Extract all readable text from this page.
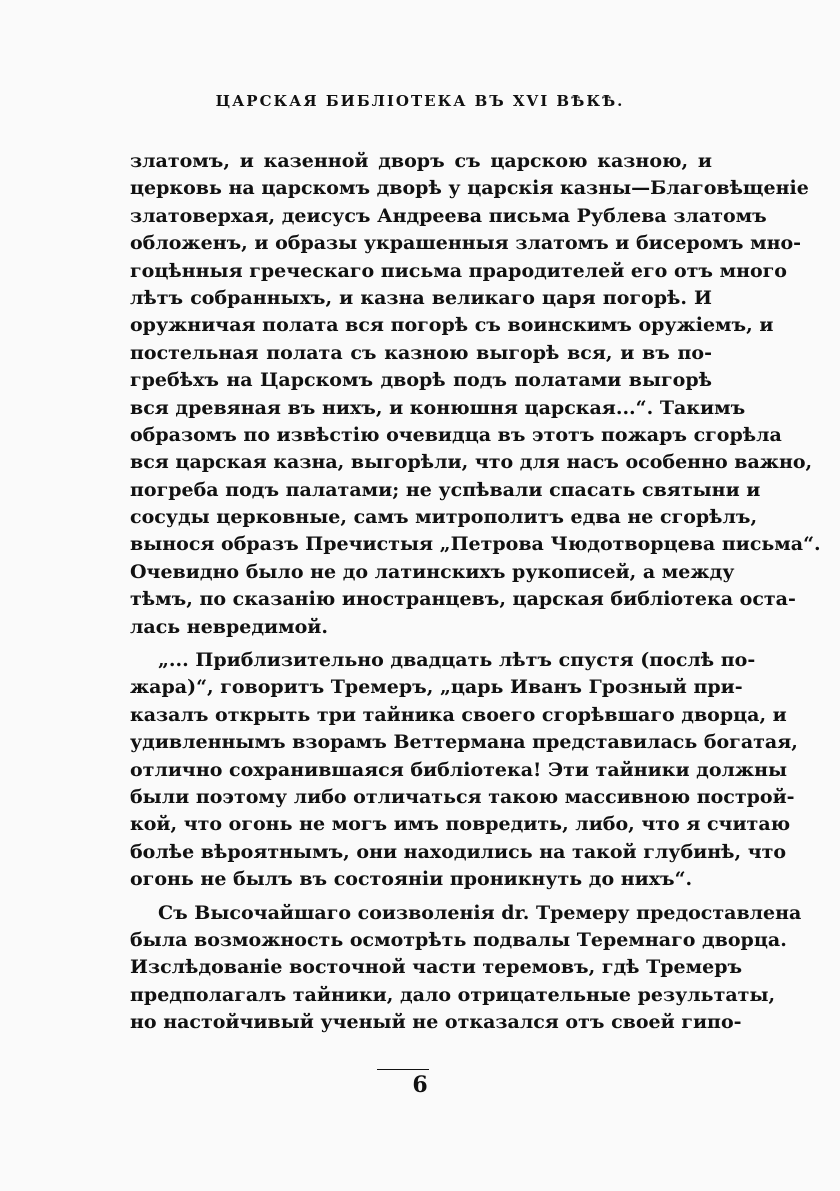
ЦАРСКАЯ БИБЛІОТЕКА ВЪ XVI ВѢКѢ.
златомъ, и казенной дворъ съ царскою казною, и
церковь на царскомъ дворѣ у царскія казны—Благовѣщеніе
златоверхая, деисусъ Андреева письма Рублева златомъ
обложенъ, и образы украшенныя златомъ и бисеромъ мно-
гоцѣнныя греческаго письма прародителей его отъ много
лѣтъ собранныхъ, и казна великаго царя погорѣ. И
оружничая полата вся погорѣ съ воинскимъ оружіемъ, и
постельная полата съ казною выгорѣ вся, и въ по-
гребѣхъ на Царскомъ дворѣ подъ полатами выгорѣ
вся древяная въ нихъ, и конюшня царская...“. Такимъ
образомъ по извѣстію очевидца въ этотъ пожаръ сгорѣла
вся царская казна, выгорѣли, что для насъ особенно важно,
погреба подъ палатами; не успѣвали спасать святыни и
сосуды церковные, самъ митрополитъ едва не сгорѣлъ,
вынося образъ Пречистыя „Петрова Чюдотворцева письма“.
Очевидно было не до латинскихъ рукописей, а между
тѣмъ, по сказанію иностранцевъ, царская библіотека оста-
лась невредимой.
„... Приблизительно двадцать лѣтъ спустя (послѣ по-
жара)“, говоритъ Тремеръ, „царь Иванъ Грозный при-
казалъ открыть три тайника своего сгорѣвшаго дворца, и
удивленнымъ взорамъ Веттермана представилась богатая,
отлично сохранившаяся библіотека! Эти тайники должны
были поэтому либо отличаться такою массивною построй-
кой, что огонь не могъ имъ повредить, либо, что я считаю
болѣе вѣроятнымъ, они находились на такой глубинѣ, что
огонь не былъ въ состояніи проникнуть до нихъ“.
Съ Высочайшаго соизволенія dr. Тремеру предоставлена
была возможность осмотрѣть подвалы Теремнаго дворца.
Изслѣдованіе восточной части теремовъ, гдѣ Тремеръ
предполагалъ тайники, дало отрицательные результаты,
но настойчивый ученый не отказался отъ своей гипо-
6
